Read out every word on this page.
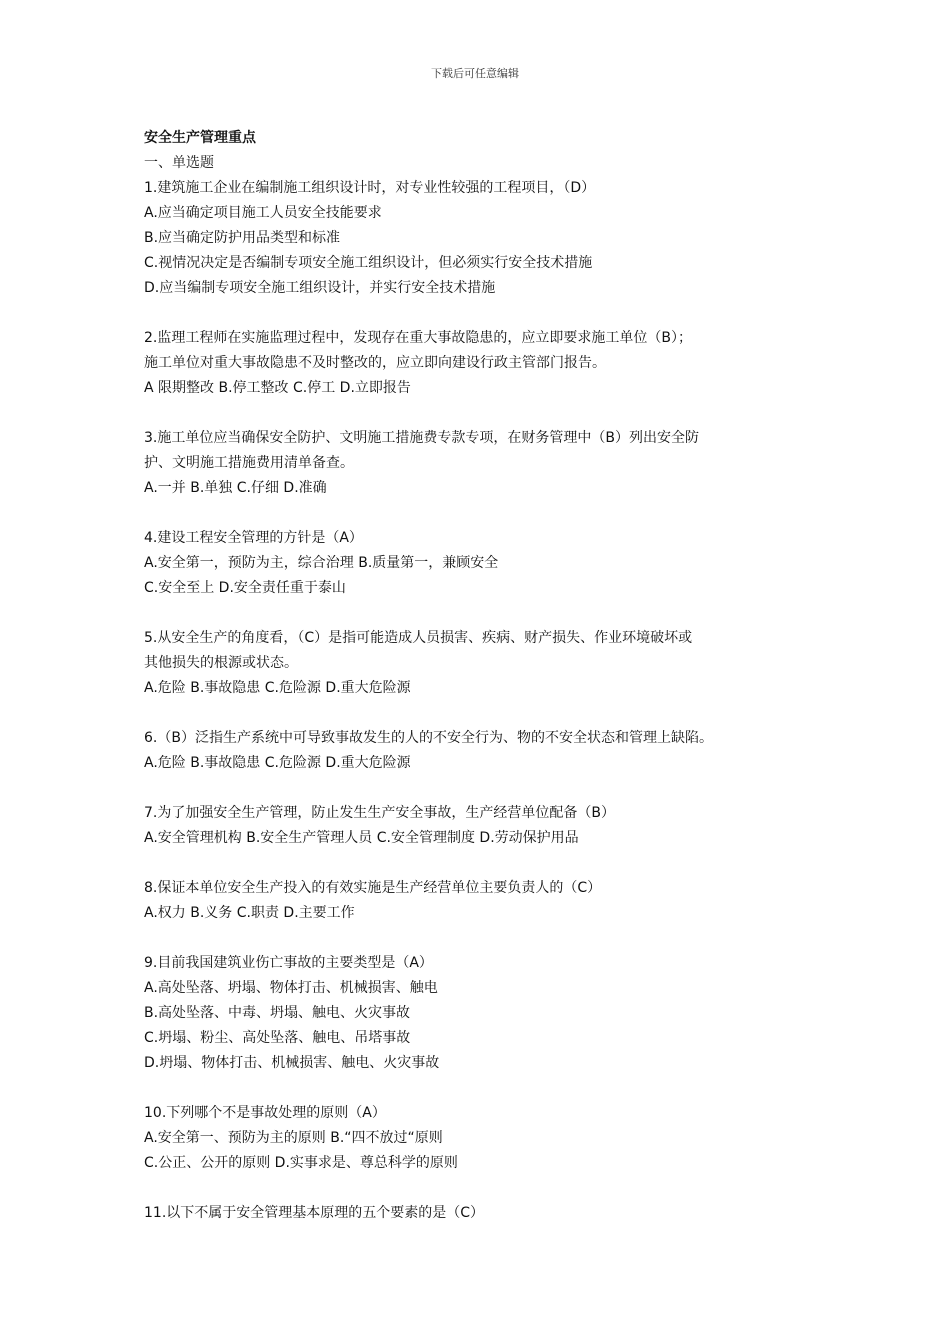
下载后可任意编辑
安全生产管理重点
一、单选题
1.建筑施工企业在编制施工组织设计时，对专业性较强的工程项目，（D）
A.应当确定项目施工人员安全技能要求
B.应当确定防护用品类型和标准
C.视情况决定是否编制专项安全施工组织设计，但必须实行安全技术措施
D.应当编制专项安全施工组织设计，并实行安全技术措施
2.监理工程师在实施监理过程中，发现存在重大事故隐患的，应立即要求施工单位（B）；
施工单位对重大事故隐患不及时整改的，应立即向建设行政主管部门报告。
A 限期整改 B.停工整改 C.停工 D.立即报告
3.施工单位应当确保安全防护、文明施工措施费专款专项，在财务管理中（B）列出安全防
护、文明施工措施费用清单备查。
A.一并 B.单独 C.仔细 D.准确
4.建设工程安全管理的方针是（A）
A.安全第一，预防为主，综合治理 B.质量第一，兼顾安全
C.安全至上 D.安全责任重于泰山
5.从安全生产的角度看，（C）是指可能造成人员损害、疾病、财产损失、作业环境破坏或
其他损失的根源或状态。
A.危险 B.事故隐患 C.危险源 D.重大危险源
6.（B）泛指生产系统中可导致事故发生的人的不安全行为、物的不安全状态和管理上缺陷。
A.危险 B.事故隐患 C.危险源 D.重大危险源
7.为了加强安全生产管理，防止发生生产安全事故，生产经营单位配备（B）
A.安全管理机构 B.安全生产管理人员 C.安全管理制度 D.劳动保护用品
8.保证本单位安全生产投入的有效实施是生产经营单位主要负责人的（C）
A.权力 B.义务 C.职责 D.主要工作
9.目前我国建筑业伤亡事故的主要类型是（A）
A.高处坠落、坍塌、物体打击、机械损害、触电
B.高处坠落、中毒、坍塌、触电、火灾事故
C.坍塌、粉尘、高处坠落、触电、吊塔事故
D.坍塌、物体打击、机械损害、触电、火灾事故
10.下列哪个不是事故处理的原则（A）
A.安全第一、预防为主的原则 B.“四不放过“原则
C.公正、公开的原则 D.实事求是、尊总科学的原则
11.以下不属于安全管理基本原理的五个要素的是（C）
